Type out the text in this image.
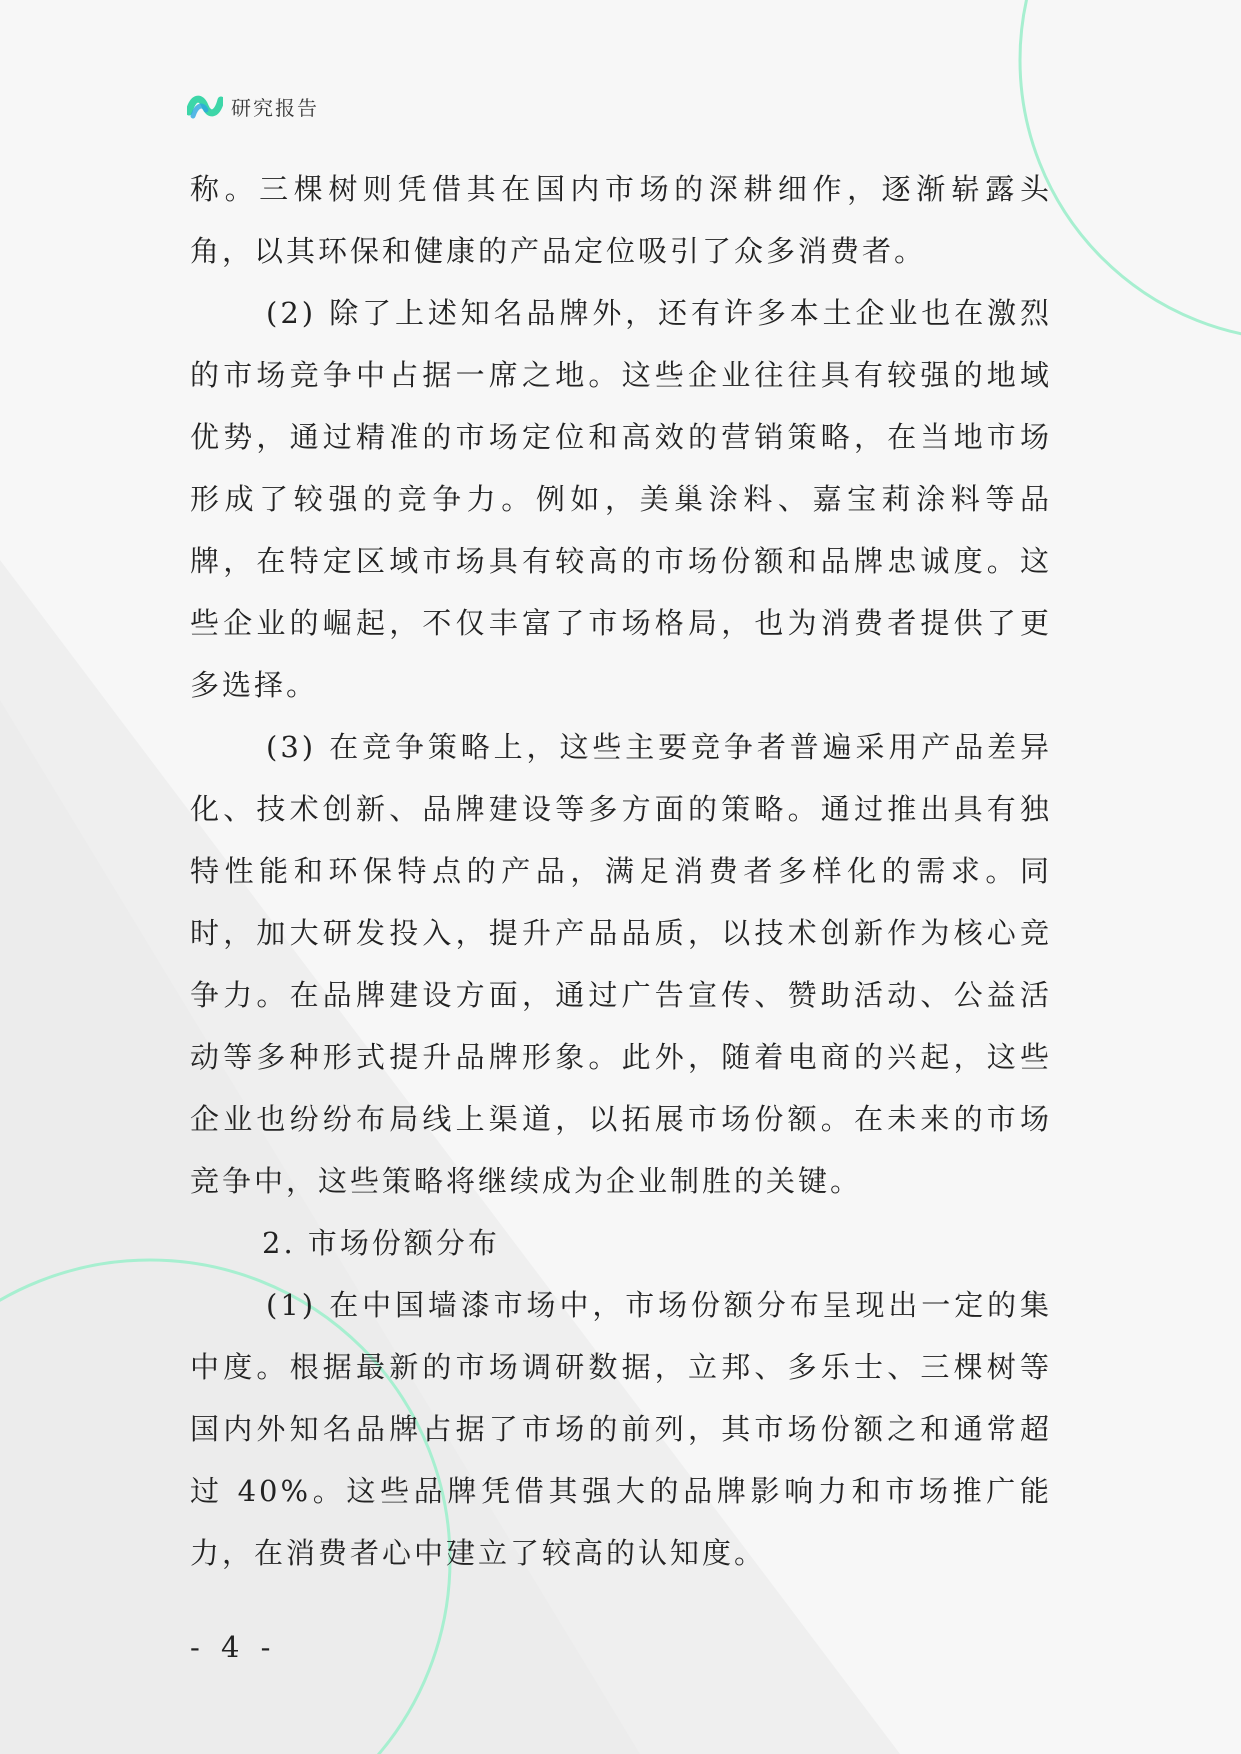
研究报告

称。三棵树则凭借其在国内市场的深耕细作，逐渐崭露头角，以其环保和健康的产品定位吸引了众多消费者。

(2) 除了上述知名品牌外，还有许多本土企业也在激烈的市场竞争中占据一席之地。这些企业往往具有较强的地域优势，通过精准的市场定位和高效的营销策略，在当地市场形成了较强的竞争力。例如，美巢涂料、嘉宝莉涂料等品牌，在特定区域市场具有较高的市场份额和品牌忠诚度。这些企业的崛起，不仅丰富了市场格局，也为消费者提供了更多选择。

(3) 在竞争策略上，这些主要竞争者普遍采用产品差异化、技术创新、品牌建设等多方面的策略。通过推出具有独特性能和环保特点的产品，满足消费者多样化的需求。同时，加大研发投入，提升产品品质，以技术创新作为核心竞争力。在品牌建设方面，通过广告宣传、赞助活动、公益活动等多种形式提升品牌形象。此外，随着电商的兴起，这些企业也纷纷布局线上渠道，以拓展市场份额。在未来的市场竞争中，这些策略将继续成为企业制胜的关键。

2. 市场份额分布

(1) 在中国墙漆市场中，市场份额分布呈现出一定的集中度。根据最新的市场调研数据，立邦、多乐士、三棵树等国内外知名品牌占据了市场的前列，其市场份额之和通常超过 40%。这些品牌凭借其强大的品牌影响力和市场推广能力，在消费者心中建立了较高的认知度。

- 4 -
